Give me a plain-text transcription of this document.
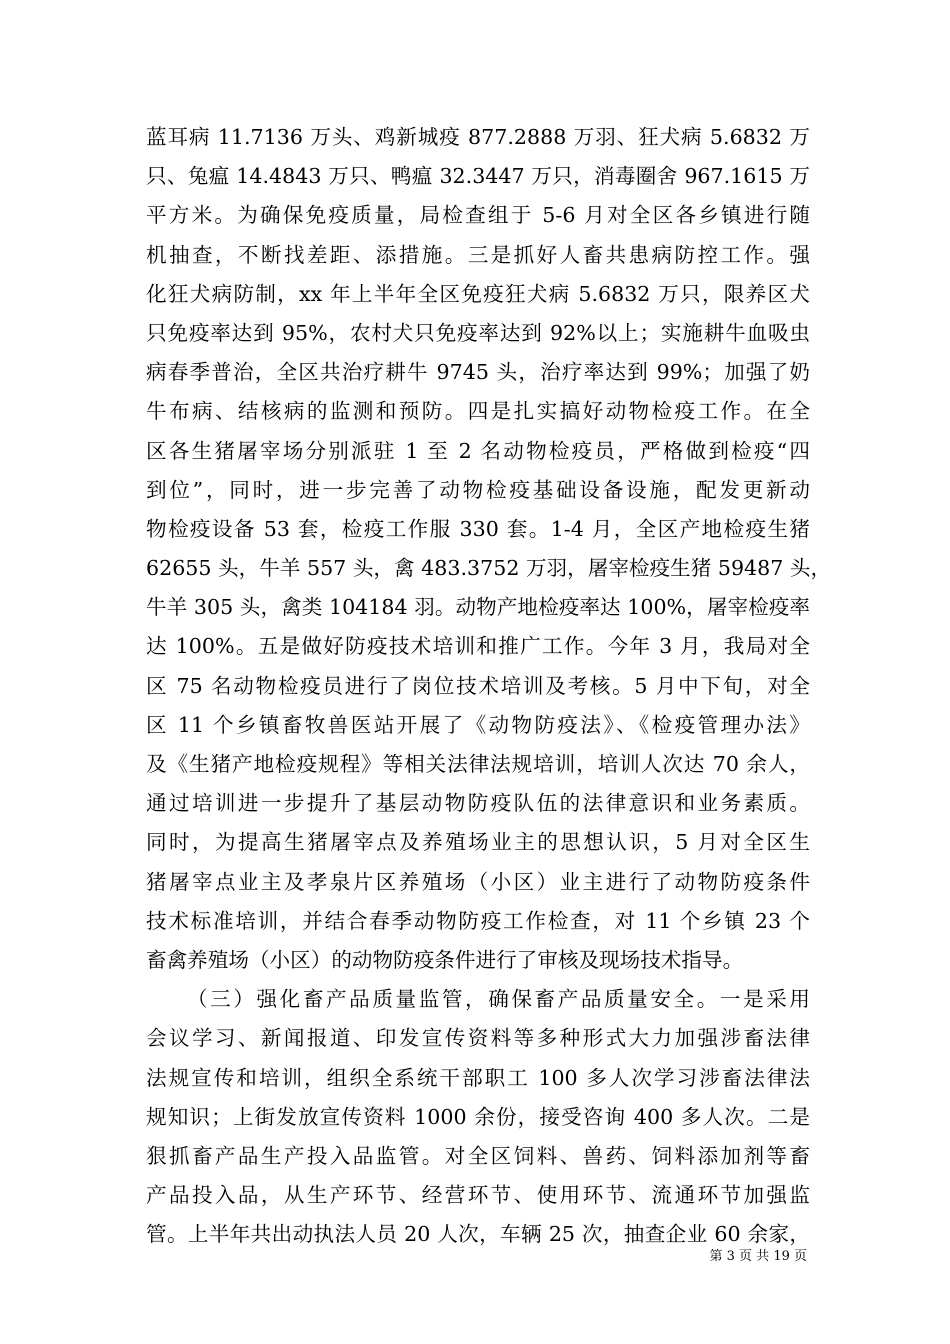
蓝耳病 11.7136 万头、鸡新城疫 877.2888 万羽、狂犬病 5.6832 万
只、兔瘟 14.4843 万只、鸭瘟 32.3447 万只，消毒圈舍 967.1615 万
平方米。为确保免疫质量，局检查组于 5-6 月对全区各乡镇进行随
机抽查，不断找差距、添措施。三是抓好人畜共患病防控工作。强
化狂犬病防制，xx 年上半年全区免疫狂犬病 5.6832 万只，限养区犬
只免疫率达到 95%，农村犬只免疫率达到 92%以上；实施耕牛血吸虫
病春季普治，全区共治疗耕牛 9745 头，治疗率达到 99%；加强了奶
牛布病、结核病的监测和预防。四是扎实搞好动物检疫工作。在全
区各生猪屠宰场分别派驻 1 至 2 名动物检疫员，严格做到检疫“四
到位”，同时，进一步完善了动物检疫基础设备设施，配发更新动
物检疫设备 53 套，检疫工作服 330 套。1-4 月，全区产地检疫生猪
62655 头，牛羊 557 头，禽 483.3752 万羽，屠宰检疫生猪 59487 头，
牛羊 305 头，禽类 104184 羽。动物产地检疫率达 100%，屠宰检疫率
达 100%。五是做好防疫技术培训和推广工作。今年 3 月，我局对全
区 75 名动物检疫员进行了岗位技术培训及考核。5 月中下旬，对全
区 11 个乡镇畜牧兽医站开展了《动物防疫法》、《检疫管理办法》
及《生猪产地检疫规程》等相关法律法规培训，培训人次达 70 余人，
通过培训进一步提升了基层动物防疫队伍的法律意识和业务素质。
同时，为提高生猪屠宰点及养殖场业主的思想认识，5 月对全区生
猪屠宰点业主及孝泉片区养殖场（小区）业主进行了动物防疫条件
技术标准培训，并结合春季动物防疫工作检查，对 11 个乡镇 23 个
畜禽养殖场（小区）的动物防疫条件进行了审核及现场技术指导。
（三）强化畜产品质量监管，确保畜产品质量安全。一是采用
会议学习、新闻报道、印发宣传资料等多种形式大力加强涉畜法律
法规宣传和培训，组织全系统干部职工 100 多人次学习涉畜法律法
规知识；上街发放宣传资料 1000 余份，接受咨询 400 多人次。二是
狠抓畜产品生产投入品监管。对全区饲料、兽药、饲料添加剂等畜
产品投入品，从生产环节、经营环节、使用环节、流通环节加强监
管。上半年共出动执法人员 20 人次，车辆 25 次，抽查企业 60 余家，
第 3 页 共 19 页
